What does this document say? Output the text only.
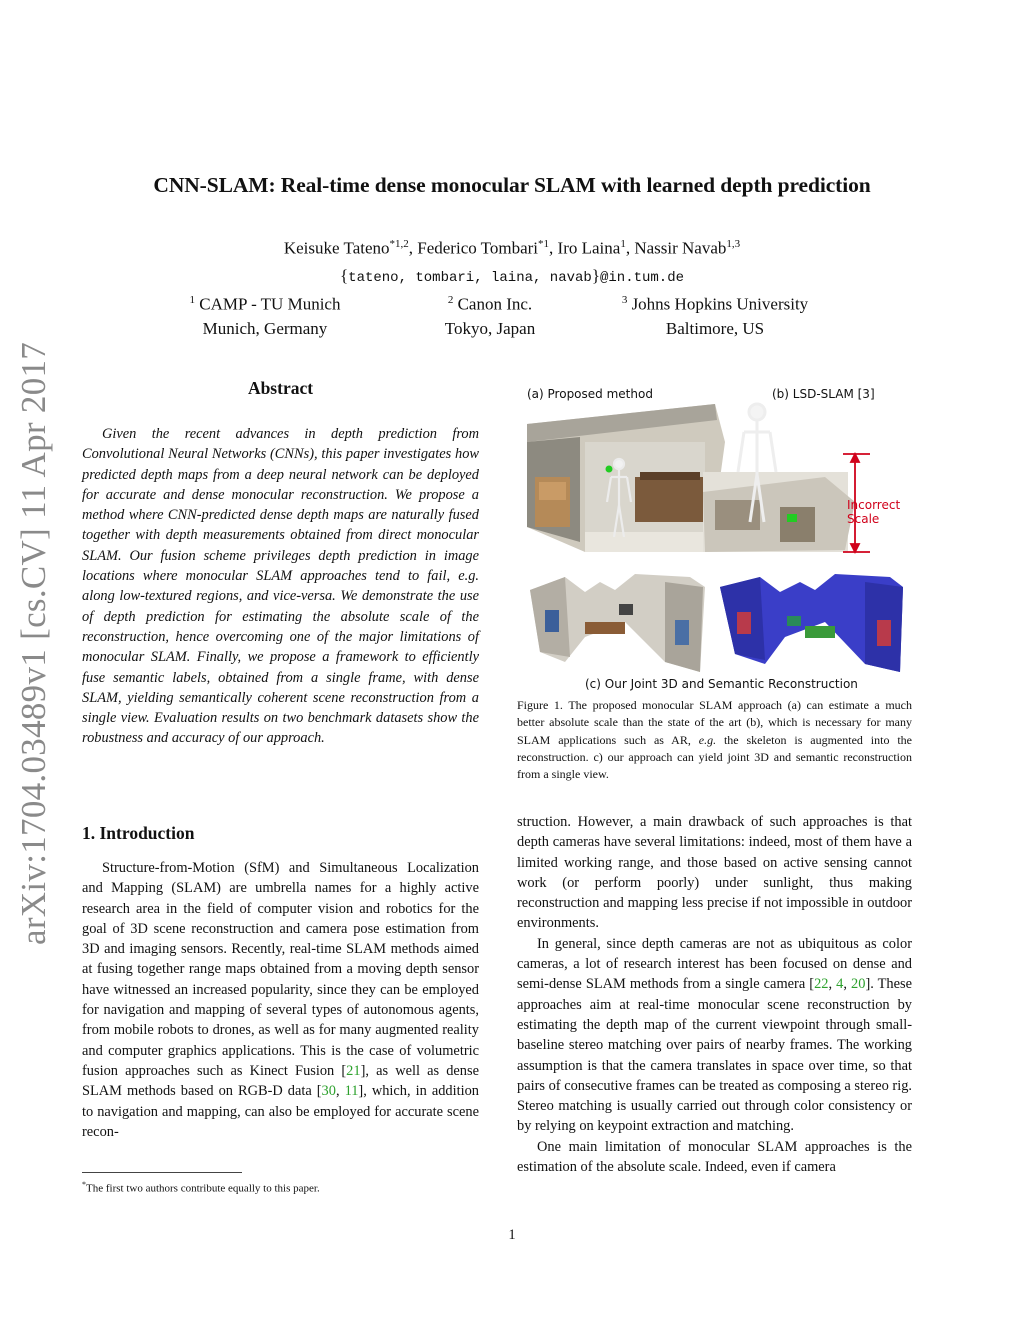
arXiv:1704.03489v1 [cs.CV] 11 Apr 2017
CNN-SLAM: Real-time dense monocular SLAM with learned depth prediction
Keisuke Tateno$^{*1,2}$, Federico Tombari$^{*1}$, Iro Laina$^1$, Nassir Navab$^{1,3}$
{tateno, tombari, laina, navab}@in.tum.de
$^1$ CAMP - TU Munich
Munich, Germany
$^2$ Canon Inc.
Tokyo, Japan
$^3$ Johns Hopkins University
Baltimore, US
Abstract
Given the recent advances in depth prediction from Convolutional Neural Networks (CNNs), this paper investigates how predicted depth maps from a deep neural network can be deployed for accurate and dense monocular reconstruction. We propose a method where CNN-predicted dense depth maps are naturally fused together with depth measurements obtained from direct monocular SLAM. Our fusion scheme privileges depth prediction in image locations where monocular SLAM approaches tend to fail, e.g. along low-textured regions, and vice-versa. We demonstrate the use of depth prediction for estimating the absolute scale of the reconstruction, hence overcoming one of the major limitations of monocular SLAM. Finally, we propose a framework to efficiently fuse semantic labels, obtained from a single frame, with dense SLAM, yielding semantically coherent scene reconstruction from a single view. Evaluation results on two benchmark datasets show the robustness and accuracy of our approach.
1. Introduction
Structure-from-Motion (SfM) and Simultaneous Localization and Mapping (SLAM) are umbrella names for a highly active research area in the field of computer vision and robotics for the goal of 3D scene reconstruction and camera pose estimation from 3D and imaging sensors. Recently, real-time SLAM methods aimed at fusing together range maps obtained from a moving depth sensor have witnessed an increased popularity, since they can be employed for navigation and mapping of several types of autonomous agents, from mobile robots to drones, as well as for many augmented reality and computer graphics applications. This is the case of volumetric fusion approaches such as Kinect Fusion [21], as well as dense SLAM methods based on RGB-D data [30, 11], which, in addition to navigation and mapping, can also be employed for accurate scene recon-
*The first two authors contribute equally to this paper.
Incorrect
Scale
(a) Proposed method	(b) LSD-SLAM [3]
(c) Our Joint 3D and Semantic Reconstruction
Figure 1. The proposed monocular SLAM approach (a) can estimate a much better absolute scale than the state of the art (b), which is necessary for many SLAM applications such as AR, e.g. the skeleton is augmented into the reconstruction. c) our approach can yield joint 3D and semantic reconstruction from a single view.

struction. However, a main drawback of such approaches is that depth cameras have several limitations: indeed, most of them have a limited working range, and those based on active sensing cannot work (or perform poorly) under sunlight, thus making reconstruction and mapping less precise if not impossible in outdoor environments.

In general, since depth cameras are not as ubiquitous as color cameras, a lot of research interest has been focused on dense and semi-dense SLAM methods from a single camera [22, 4, 20]. These approaches aim at real-time monocular scene reconstruction by estimating the depth map of the current viewpoint through small-baseline stereo matching over pairs of nearby frames. The working assumption is that the camera translates in space over time, so that pairs of consecutive frames can be treated as composing a stereo rig. Stereo matching is usually carried out through color consistency or by relying on keypoint extraction and matching.

One main limitation of monocular SLAM approaches is the estimation of the absolute scale. Indeed, even if camera

1
